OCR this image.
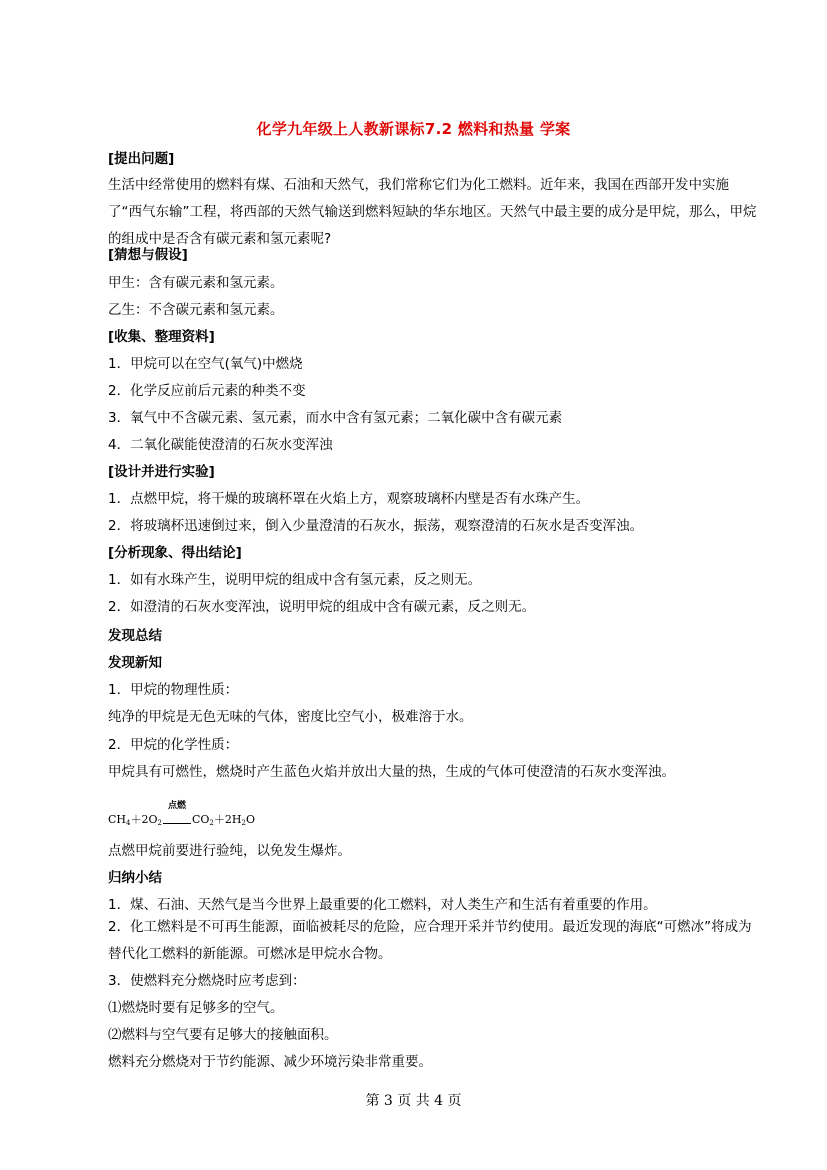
化学九年级上人教新课标7.2 燃料和热量 学案
[提出问题]
生活中经常使用的燃料有煤、石油和天然气，我们常称它们为化工燃料。近年来，我国在西部开发中实施了“西气东输”工程，将西部的天然气输送到燃料短缺的华东地区。天然气中最主要的成分是甲烷，那么，甲烷的组成中是否含有碳元素和氢元素呢?
[猜想与假设]
甲生：含有碳元素和氢元素。
乙生：不含碳元素和氢元素。
[收集、整理资料]
1．甲烷可以在空气(氧气)中燃烧
2．化学反应前后元素的种类不变
3．氧气中不含碳元素、氢元素，而水中含有氢元素；二氧化碳中含有碳元素
4．二氧化碳能使澄清的石灰水变浑浊
[设计并进行实验]
1．点燃甲烷，将干燥的玻璃杯罩在火焰上方，观察玻璃杯内壁是否有水珠产生。
2．将玻璃杯迅速倒过来，倒入少量澄清的石灰水，振荡，观察澄清的石灰水是否变浑浊。
[分析现象、得出结论]
1．如有水珠产生，说明甲烷的组成中含有氢元素，反之则无。
2．如澄清的石灰水变浑浊，说明甲烷的组成中含有碳元素，反之则无。
发现总结
发现新知
1．甲烷的物理性质：
纯净的甲烷是无色无味的气体，密度比空气小，极难溶于水。
2．甲烷的化学性质：
甲烷具有可燃性，燃烧时产生蓝色火焰并放出大量的热，生成的气体可使澄清的石灰水变浑浊。
$CH_4+2O_2$
点燃
$CO_2+2H_2O$
点燃甲烷前要进行验纯，以免发生爆炸。
归纳小结
1．煤、石油、天然气是当今世界上最重要的化工燃料，对人类生产和生活有着重要的作用。
2．化工燃料是不可再生能源，面临被耗尽的危险，应合理开采并节约使用。最近发现的海底“可燃冰”将成为替代化工燃料的新能源。可燃冰是甲烷水合物。
3．使燃料充分燃烧时应考虑到：
⑴燃烧时要有足够多的空气。
⑵燃料与空气要有足够大的接触面积。
燃料充分燃烧对于节约能源、减少环境污染非常重要。
第 3 页 共 4 页
